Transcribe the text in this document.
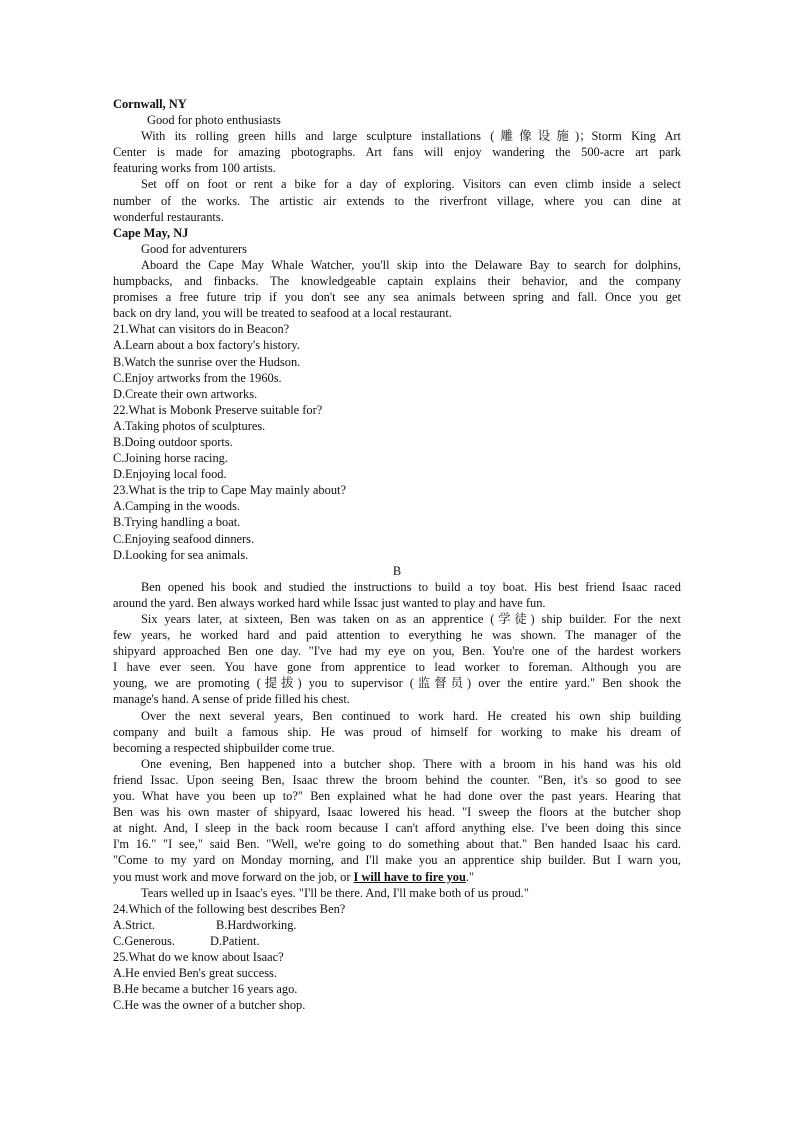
Cornwall, NY
Good for photo enthusiasts
With its rolling green hills and large sculpture installations (雕像设施)；Storm King Art
Center is made for amazing pbotographs. Art fans will enjoy wandering the 500-acre art park
featuring works from 100 artists.
Set off on foot or rent a bike for a day of exploring. Visitors can even climb inside a select
number of the works. The artistic air extends to the riverfront village, where you can dine at
wonderful restaurants.
Cape May, NJ
Good for adventurers
Aboard the Cape May Whale Watcher, you'll skip into the Delaware Bay to search for dolphins,
humpbacks, and finbacks. The knowledgeable captain explains their behavior, and the company
promises a free future trip if you don't see any sea animals between spring and fall. Once you get
back on dry land, you will be treated to seafood at a local restaurant.
21.What can visitors do in Beacon?
A.Learn about a box factory's history.
B.Watch the sunrise over the Hudson.
C.Enjoy artworks from the 1960s.
D.Create their own artworks.
22.What is Mobonk Preserve suitable for?
A.Taking photos of sculptures.
B.Doing outdoor sports.
C.Joining horse racing.
D.Enjoying local food.
23.What is the trip to Cape May mainly about?
A.Camping in the woods.
B.Trying handling a boat.
C.Enjoying seafood dinners.
D.Looking for sea animals.
B
Ben opened his book and studied the instructions to build a toy boat. His best friend Isaac raced
around the yard. Ben always worked hard while Issac just wanted to play and have fun.
Six years later, at sixteen, Ben was taken on as an apprentice (学徒) ship builder. For the next
few years, he worked hard and paid attention to everything he was shown. The manager of the
shipyard approached Ben one day. "I've had my eye on you, Ben. You're one of the hardest workers
I have ever seen. You have gone from apprentice to lead worker to foreman. Although you are
young, we are promoting (提拔) you to supervisor (监督员) over the entire yard." Ben shook the
manage's hand. A sense of pride filled his chest.
Over the next several years, Ben continued to work hard. He created his own ship building
company and built a famous ship. He was proud of himself for working to make his dream of
becoming a respected shipbuilder come true.
One evening, Ben happened into a butcher shop. There with a broom in his hand was his old
friend Issac. Upon seeing Ben, Isaac threw the broom behind the counter. "Ben, it's so good to see
you. What have you been up to?" Ben explained what he had done over the past years. Hearing that
Ben was his own master of shipyard, Isaac lowered his head. "I sweep the floors at the butcher shop
at night. And, I sleep in the back room because I can't afford anything else. I've been doing this since
I'm 16." "I see," said Ben. "Well, we're going to do something about that." Ben handed Isaac his card.
"Come to my yard on Monday morning, and I'll make you an apprentice ship builder. But I warn you,
you must work and move forward on the job, or I will have to fire you."
Tears welled up in Isaac's eyes. "I'll be there. And, I'll make both of us proud."
24.Which of the following best describes Ben?
A.Strict.	B.Hardworking.
C.Generous.	D.Patient.
25.What do we know about Isaac?
A.He envied Ben's great success.
B.He became a butcher 16 years ago.
C.He was the owner of a butcher shop.
